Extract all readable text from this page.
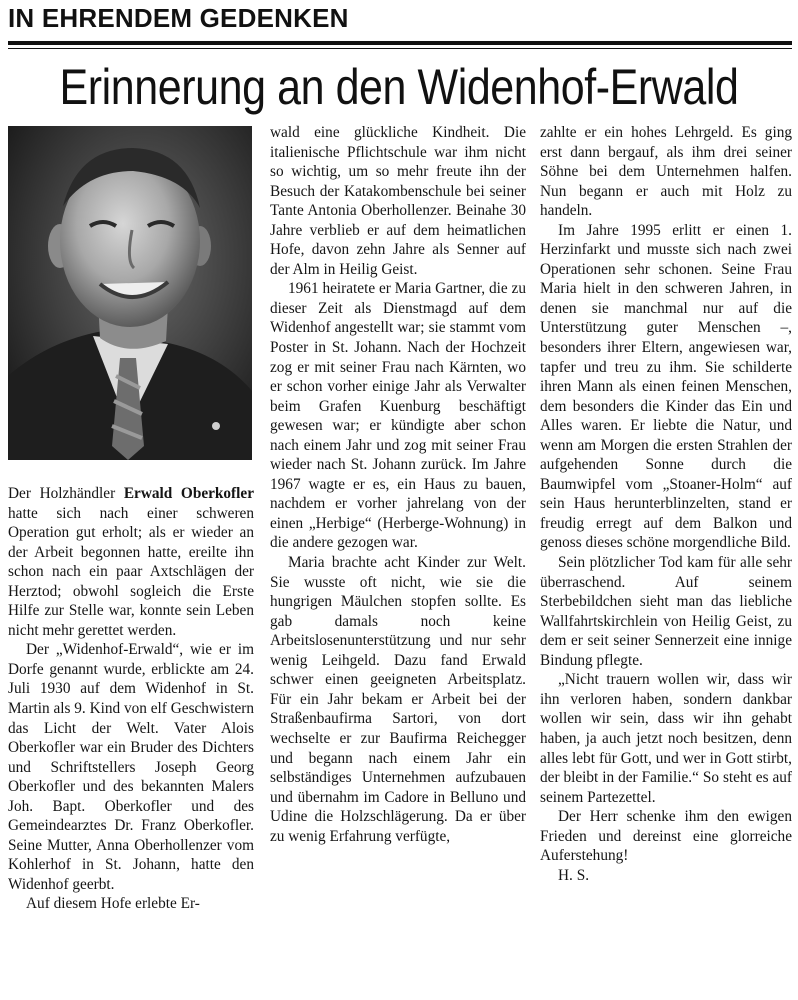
IN EHRENDEM GEDENKEN
Erinnerung an den Widenhof-Erwald

Der Holzhändler Erwald Oberkofler hatte sich nach einer schweren Operation gut erholt; als er wieder an der Arbeit begonnen hatte, ereilte ihn schon nach ein paar Axtschlägen der Herztod; obwohl sogleich die Erste Hilfe zur Stelle war, konnte sein Leben nicht mehr gerettet werden.

Der „Widenhof-Erwald“, wie er im Dorfe genannt wurde, erblickte am 24. Juli 1930 auf dem Widenhof in St. Martin als 9. Kind von elf Geschwistern das Licht der Welt. Vater Alois Oberkofler war ein Bruder des Dichters und Schriftstellers Joseph Georg Oberkofler und des bekannten Malers Joh. Bapt. Oberkofler und des Gemeindearztes Dr. Franz Oberkofler. Seine Mutter, Anna Oberhollenzer vom Kohlerhof in St. Johann, hatte den Widenhof geerbt.

Auf diesem Hofe erlebte Er-

wald eine glückliche Kindheit. Die italienische Pflichtschule war ihm nicht so wichtig, um so mehr freute ihn der Besuch der Katakombenschule bei seiner Tante Antonia Oberhollenzer. Beinahe 30 Jahre verblieb er auf dem heimatlichen Hofe, davon zehn Jahre als Senner auf der Alm in Heilig Geist.

1961 heiratete er Maria Gartner, die zu dieser Zeit als Dienstmagd auf dem Widenhof angestellt war; sie stammt vom Poster in St. Johann. Nach der Hochzeit zog er mit seiner Frau nach Kärnten, wo er schon vorher einige Jahr als Verwalter beim Grafen Kuenburg beschäftigt gewesen war; er kündigte aber schon nach einem Jahr und zog mit seiner Frau wieder nach St. Johann zurück. Im Jahre 1967 wagte er es, ein Haus zu bauen, nachdem er vorher jahrelang von der einen „Herbige“ (Herberge-Wohnung) in die andere gezogen war.

Maria brachte acht Kinder zur Welt. Sie wusste oft nicht, wie sie die hungrigen Mäulchen stopfen sollte. Es gab damals noch keine Arbeitslosenunterstützung und nur sehr wenig Leihgeld. Dazu fand Erwald schwer einen geeigneten Arbeitsplatz. Für ein Jahr bekam er Arbeit bei der Straßenbaufirma Sartori, von dort wechselte er zur Baufirma Reichegger und begann nach einem Jahr ein selbständiges Unternehmen aufzubauen und übernahm im Cadore in Belluno und Udine die Holzschlägerung. Da er über zu wenig Erfahrung verfügte,

zahlte er ein hohes Lehrgeld. Es ging erst dann bergauf, als ihm drei seiner Söhne bei dem Unternehmen halfen. Nun begann er auch mit Holz zu handeln.

Im Jahre 1995 erlitt er einen 1. Herzinfarkt und musste sich nach zwei Operationen sehr schonen. Seine Frau Maria hielt in den schweren Jahren, in denen sie manchmal nur auf die Unterstützung guter Menschen –, besonders ihrer Eltern, angewiesen war, tapfer und treu zu ihm. Sie schilderte ihren Mann als einen feinen Menschen, dem besonders die Kinder das Ein und Alles waren. Er liebte die Natur, und wenn am Morgen die ersten Strahlen der aufgehenden Sonne durch die Baumwipfel vom „Stoaner-Holm“ auf sein Haus herunterblinzelten, stand er freudig erregt auf dem Balkon und genoss dieses schöne morgendliche Bild.

Sein plötzlicher Tod kam für alle sehr überraschend. Auf seinem Sterbebildchen sieht man das liebliche Wallfahrtskirchlein von Heilig Geist, zu dem er seit seiner Sennerzeit eine innige Bindung pflegte.

„Nicht trauern wollen wir, dass wir ihn verloren haben, sondern dankbar wollen wir sein, dass wir ihn gehabt haben, ja auch jetzt noch besitzen, denn alles lebt für Gott, und wer in Gott stirbt, der bleibt in der Familie.“ So steht es auf seinem Partezettel.

Der Herr schenke ihm den ewigen Frieden und dereinst eine glorreiche Auferstehung!

H. S.
